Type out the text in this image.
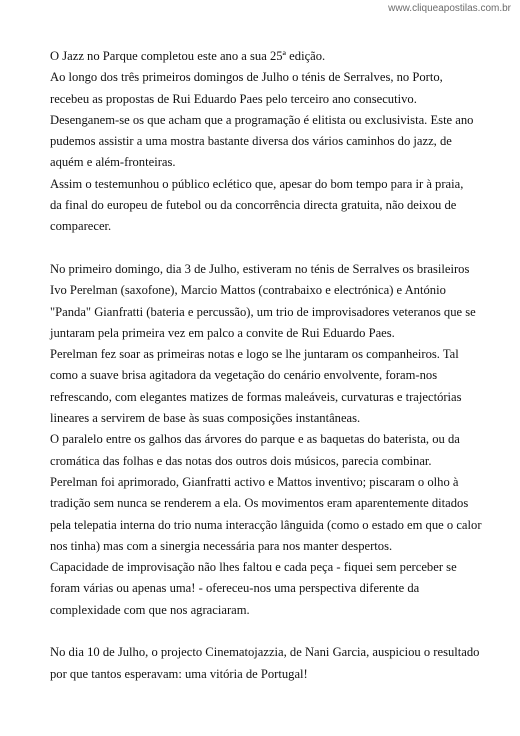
www.cliqueapostilas.com.br
O Jazz no Parque completou este ano a sua 25ª edição.
Ao longo dos três primeiros domingos de Julho o ténis de Serralves, no Porto,
recebeu as propostas de Rui Eduardo Paes pelo terceiro ano consecutivo.
Desenganem-se os que acham que a programação é elitista ou exclusivista. Este ano
pudemos assistir a uma mostra bastante diversa dos vários caminhos do jazz, de
aquém e além-fronteiras.
Assim o testemunhou o público eclético que, apesar do bom tempo para ir à praia,
da final do europeu de futebol ou da concorrência directa gratuita, não deixou de
comparecer.
No primeiro domingo, dia 3 de Julho, estiveram no ténis de Serralves os brasileiros
Ivo Perelman (saxofone), Marcio Mattos (contrabaixo e electrónica) e António
"Panda" Gianfratti (bateria e percussão), um trio de improvisadores veteranos que se
juntaram pela primeira vez em palco a convite de Rui Eduardo Paes.
Perelman fez soar as primeiras notas e logo se lhe juntaram os companheiros. Tal
como a suave brisa agitadora da vegetação do cenário envolvente, foram-nos
refrescando, com elegantes matizes de formas maleáveis, curvaturas e trajectórias
lineares a servirem de base às suas composições instantâneas.
O paralelo entre os galhos das árvores do parque e as baquetas do baterista, ou da
cromática das folhas e das notas dos outros dois músicos, parecia combinar.
Perelman foi aprimorado, Gianfratti activo e Mattos inventivo; piscaram o olho à
tradição sem nunca se renderem a ela. Os movimentos eram aparentemente ditados
pela telepatia interna do trio numa interacção lânguida (como o estado em que o calor
nos tinha) mas com a sinergia necessária para nos manter despertos.
Capacidade de improvisação não lhes faltou e cada peça - fiquei sem perceber se
foram várias ou apenas uma! - ofereceu-nos uma perspectiva diferente da
complexidade com que nos agraciaram.
No dia 10 de Julho, o projecto Cinematojazzia, de Nani Garcia, auspiciou o resultado
por que tantos esperavam: uma vitória de Portugal!
